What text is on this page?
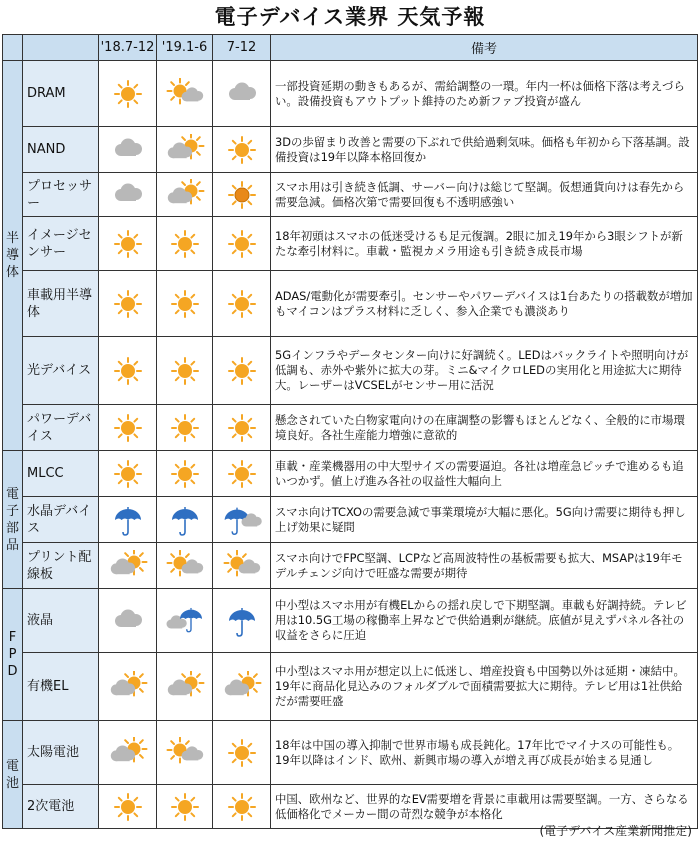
電子デバイス業界 天気予報
		'18.7-12	'19.1-6	7-12	備考
半導体	DRAM				一部投資延期の動きもあるが、需給調整の一環。年内一杯は価格下落は考えづらい。設備投資もアウトプット維持のため新ファブ投資が盛ん
	NAND				3Dの歩留まり改善と需要の下ぶれで供給過剰気味。価格も年初から下落基調。設備投資は19年以降本格回復か
	プロセッサー				スマホ用は引き続き低調、サーバー向けは総じて堅調。仮想通貨向けは春先から需要急減。価格次第で需要回復も不透明感強い
	イメージセンサー				18年初頭はスマホの低迷受けるも足元復調。2眼に加え19年から3眼シフトが新たな牽引材料に。車載・監視カメラ用途も引き続き成長市場
	車載用半導体				ADAS/電動化が需要牽引。センサーやパワーデバイスは1台あたりの搭載数が増加もマイコンはプラス材料に乏しく、参入企業でも濃淡あり
	光デバイス				5Gインフラやデータセンター向けに好調続く。LEDはバックライトや照明向けが低調も、赤外や紫外に拡大の芽。ミニ&マイクロLEDの実用化と用途拡大に期待大。レーザーはVCSELがセンサー用に活況
	パワーデバイス				懸念されていた白物家電向けの在庫調整の影響もほとんどなく、全般的に市場環境良好。各社生産能力増強に意欲的
電子部品	MLCC				車載・産業機器用の中大型サイズの需要逼迫。各社は増産急ピッチで進めるも追いつかず。値上げ進み各社の収益性大幅向上
	水晶デバイス				スマホ向けTCXOの需要急減で事業環境が大幅に悪化。5G向け需要に期待も押し上げ効果に疑問
	プリント配線板				スマホ向けでFPC堅調、LCPなど高周波特性の基板需要も拡大、MSAPは19年モデルチェンジ向けで旺盛な需要が期待
FPD	液晶				中小型はスマホ用が有機ELからの揺れ戻しで下期堅調。車載も好調持続。テレビ用は10.5G工場の稼働率上昇などで供給過剰が継続。底値が見えずパネル各社の収益をさらに圧迫
	有機EL				中小型はスマホ用が想定以上に低迷し、増産投資も中国勢以外は延期・凍結中。19年に商品化見込みのフォルダブルで面積需要拡大に期待。テレビ用は1社供給だが需要旺盛
電池	太陽電池				18年は中国の導入抑制で世界市場も成長鈍化。17年比でマイナスの可能性も。19年以降はインド、欧州、新興市場の導入が増え再び成長が始まる見通し
	2次電池				中国、欧州など、世界的なEV需要増を背景に車載用は需要堅調。一方、さらなる低価格化でメーカー間の苛烈な競争が本格化
(電子デバイス産業新聞推定)
